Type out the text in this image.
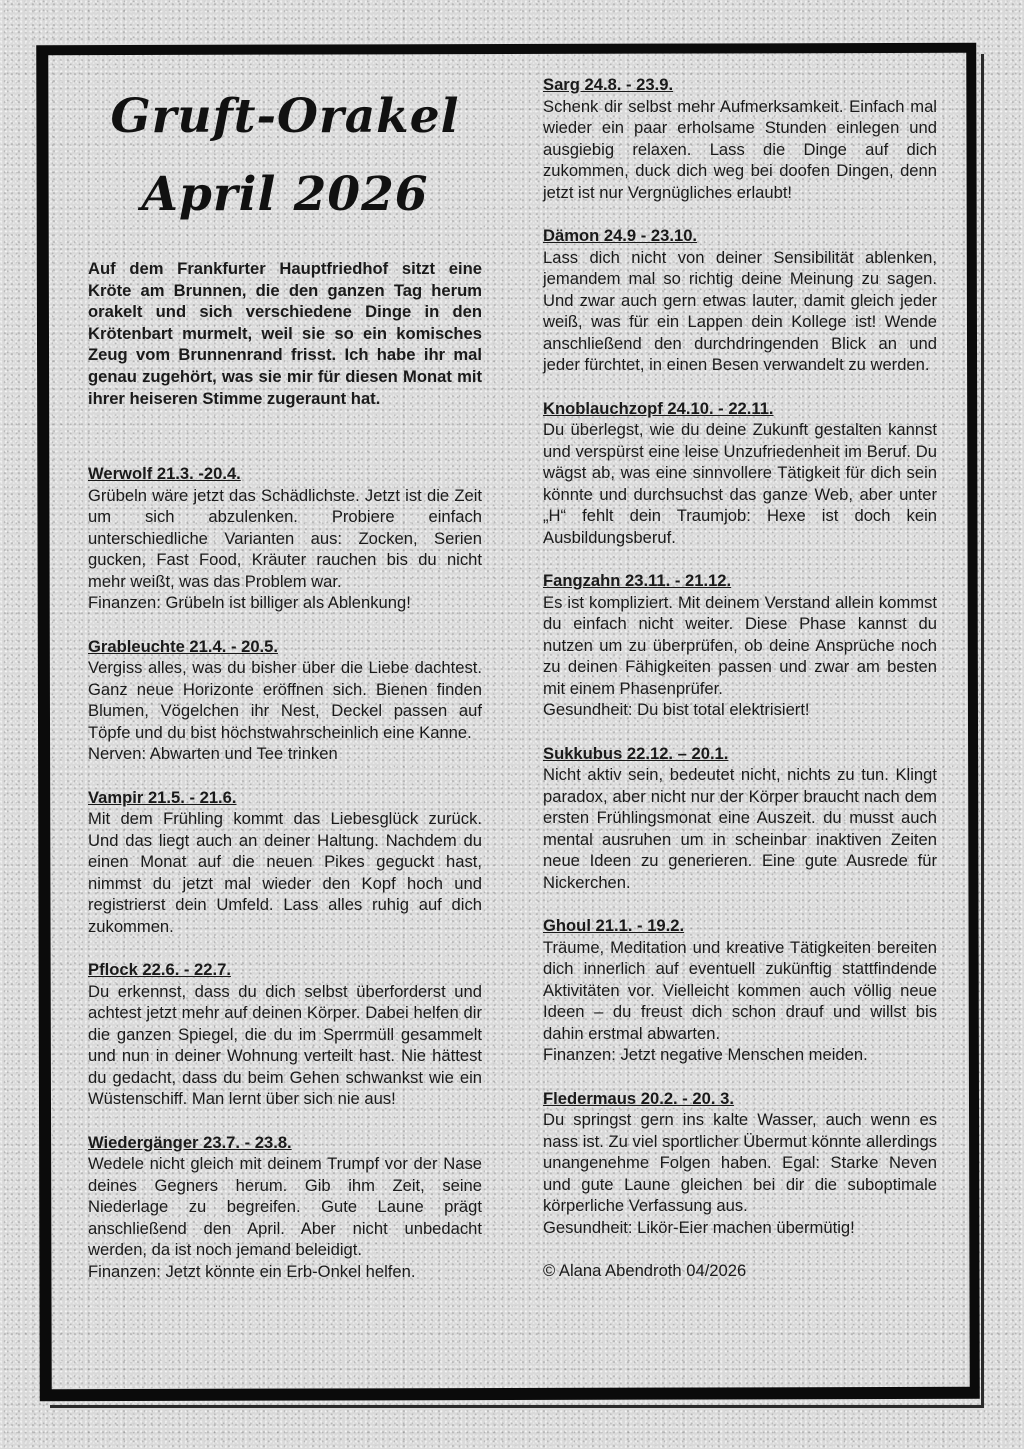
Gruft-Orakel

April 2026

Auf dem Frankfurter Hauptfriedhof sitzt eine Kröte am Brunnen, die den ganzen Tag herum orakelt und sich verschiedene Dinge in den Krötenbart murmelt, weil sie so ein komisches Zeug vom Brunnenrand frisst. Ich habe ihr mal genau zugehört, was sie mir für diesen Monat mit ihrer heiseren Stimme zugeraunt hat.

Werwolf 21.3. -20.4.
Grübeln wäre jetzt das Schädlichste. Jetzt ist die Zeit um sich abzulenken. Probiere einfach unterschiedliche Varianten aus: Zocken, Serien gucken, Fast Food, Kräuter rauchen bis du nicht mehr weißt, was das Problem war.
Finanzen: Grübeln ist billiger als Ablenkung!
Grableuchte 21.4. - 20.5.
Vergiss alles, was du bisher über die Liebe dachtest. Ganz neue Horizonte eröffnen sich. Bienen finden Blumen, Vögelchen ihr Nest, Deckel passen auf Töpfe und du bist höchstwahrscheinlich eine Kanne.
Nerven: Abwarten und Tee trinken
Vampir 21.5. - 21.6.
Mit dem Frühling kommt das Liebesglück zurück. Und das liegt auch an deiner Haltung. Nachdem du einen Monat auf die neuen Pikes geguckt hast, nimmst du jetzt mal wieder den Kopf hoch und registrierst dein Umfeld. Lass alles ruhig auf dich zukommen.
Pflock 22.6. - 22.7.
Du erkennst, dass du dich selbst überforderst und achtest jetzt mehr auf deinen Körper. Dabei helfen dir die ganzen Spiegel, die du im Sperrmüll gesammelt und nun in deiner Wohnung verteilt hast. Nie hättest du gedacht, dass du beim Gehen schwankst wie ein Wüstenschiff. Man lernt über sich nie aus!
Wiedergänger 23.7. - 23.8.
Wedele nicht gleich mit deinem Trumpf vor der Nase deines Gegners herum. Gib ihm Zeit, seine Niederlage zu begreifen. Gute Laune prägt anschließend den April. Aber nicht unbedacht werden, da ist noch jemand beleidigt.
Finanzen: Jetzt könnte ein Erb-Onkel helfen.
Sarg 24.8. - 23.9.
Schenk dir selbst mehr Aufmerksamkeit. Einfach mal wieder ein paar erholsame Stunden einlegen und ausgiebig relaxen. Lass die Dinge auf dich zukommen, duck dich weg bei doofen Dingen, denn jetzt ist nur Vergnügliches erlaubt!
Dämon 24.9 - 23.10.
Lass dich nicht von deiner Sensibilität ablenken, jemandem mal so richtig deine Meinung zu sagen. Und zwar auch gern etwas lauter, damit gleich jeder weiß, was für ein Lappen dein Kollege ist! Wende anschließend den durchdringenden Blick an und jeder fürchtet, in einen Besen verwandelt zu werden.
Knoblauchzopf 24.10. - 22.11.
Du überlegst, wie du deine Zukunft gestalten kannst und verspürst eine leise Unzufriedenheit im Beruf. Du wägst ab, was eine sinnvollere Tätigkeit für dich sein könnte und durchsuchst das ganze Web, aber unter „H“ fehlt dein Traumjob: Hexe ist doch kein Ausbildungsberuf.
Fangzahn 23.11. - 21.12.
Es ist kompliziert. Mit deinem Verstand allein kommst du einfach nicht weiter. Diese Phase kannst du nutzen um zu überprüfen, ob deine Ansprüche noch zu deinen Fähigkeiten passen und zwar am besten mit einem Phasenprüfer.
Gesundheit: Du bist total elektrisiert!
Sukkubus 22.12. – 20.1.
Nicht aktiv sein, bedeutet nicht, nichts zu tun. Klingt paradox, aber nicht nur der Körper braucht nach dem ersten Frühlingsmonat eine Auszeit. du musst auch mental ausruhen um in scheinbar inaktiven Zeiten neue Ideen zu generieren. Eine gute Ausrede für Nickerchen.
Ghoul 21.1. - 19.2.
Träume, Meditation und kreative Tätigkeiten bereiten dich innerlich auf eventuell zukünftig stattfindende Aktivitäten vor. Vielleicht kommen auch völlig neue Ideen – du freust dich schon drauf und willst bis dahin erstmal abwarten.
Finanzen: Jetzt negative Menschen meiden.
Fledermaus 20.2. - 20. 3.
Du springst gern ins kalte Wasser, auch wenn es nass ist. Zu viel sportlicher Übermut könnte allerdings unangenehme Folgen haben. Egal: Starke Neven und gute Laune gleichen bei dir die suboptimale körperliche Verfassung aus.
Gesundheit: Likör-Eier machen übermütig!
© Alana Abendroth 04/2026
